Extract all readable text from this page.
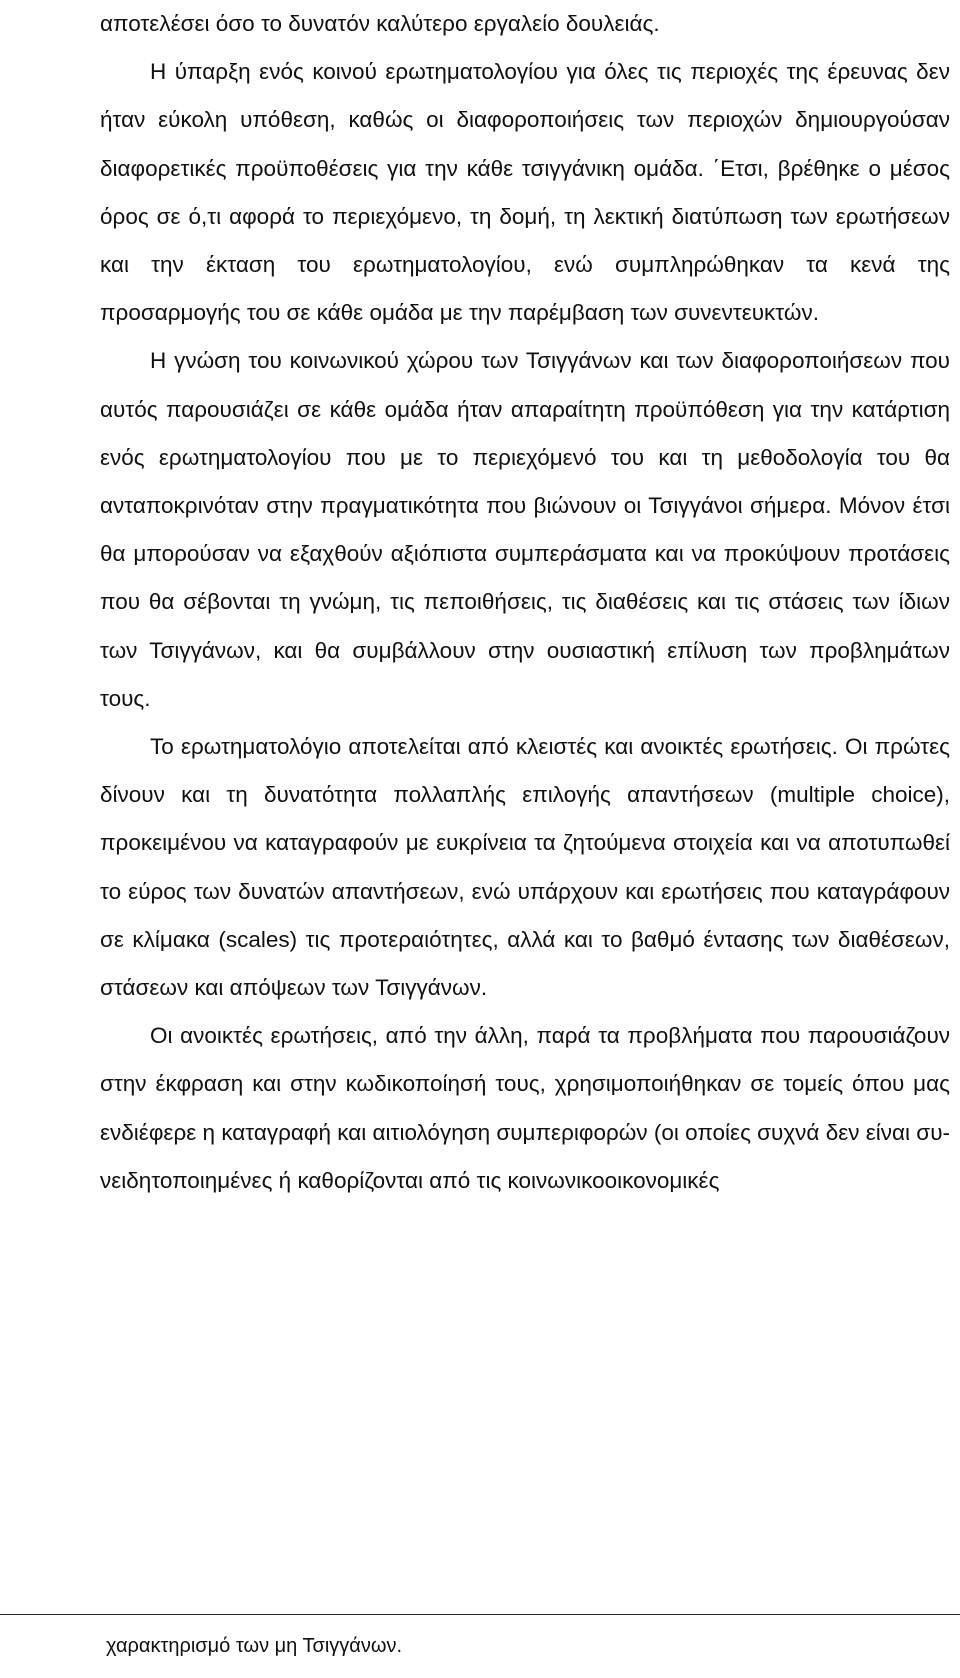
αποτελέσει όσο το δυνατόν καλύτερο εργαλείο δουλειάς.

Η ύπαρξη ενός κοινού ερωτηματολογίου για όλες τις περιοχές της έρευνας δεν ήταν εύκολη υπόθεση, καθώς οι διαφοροποιήσεις των περιοχών δημιουργούσαν διαφορετικές προϋποθέσεις για την κάθε τσιγγάνικη ομάδα. ΄Ετσι, βρέθηκε ο μέσος όρος σε ό,τι αφορά το περιεχόμενο, τη δομή, τη λεκτική διατύπωση των ερωτήσεων και την έκταση του ερωτηματολογίου, ενώ συμπληρώθηκαν τα κενά της προσαρμογής του σε κάθε ομάδα με την παρέμβαση των συνεντευκτών.

Η γνώση του κοινωνικού χώρου των Τσιγγάνων και των διαφοροποιήσεων που αυτός παρουσιάζει σε κάθε ομάδα ήταν απαραίτητη προϋπόθεση για την κατάρτιση ενός ερωτηματολογίου που με το περιεχόμενό του και τη μεθοδολογία του θα ανταποκρινόταν στην πραγματικότητα που βιώνουν οι Τσιγγάνοι σήμερα. Μόνον έτσι θα μπορούσαν να εξαχθούν αξιόπιστα συμπεράσματα και να προκύψουν προτάσεις που θα σέβονται τη γνώμη, τις πεποιθήσεις, τις διαθέσεις και τις στάσεις των ίδιων των Τσιγγάνων, και θα συμβάλλουν στην ουσιαστική επίλυση των προβλημάτων τους.

Το ερωτηματολόγιο αποτελείται από κλειστές και ανοικτές ερωτήσεις. Οι πρώτες δίνουν και τη δυνατότητα πολλαπλής επιλογής απαντήσεων (multiple choice), προκειμένου να καταγραφούν με ευκρίνεια τα ζητούμενα στοιχεία και να αποτυπωθεί το εύρος των δυνατών απαντήσεων, ενώ υπάρχουν και ερωτήσεις που καταγράφουν σε κλίμακα (scales) τις προτεραιότητες, αλλά και το βαθμό έντασης των διαθέσεων, στάσεων και απόψεων των Τσιγγάνων.

Οι ανοικτές ερωτήσεις, από την άλλη, παρά τα προβλήματα που παρουσιάζουν στην έκφραση και στην κωδικοποίησή τους, χρησιμοποιήθηκαν σε τομείς όπου μας ενδιέφερε η καταγραφή και αιτιολόγηση συμπεριφορών (οι οποίες συχνά δεν είναι συνειδητοποιημένες ή καθορίζονται από τις κοινωνικοοικονομικές

χαρακτηρισμό των μη Τσιγγάνων.
